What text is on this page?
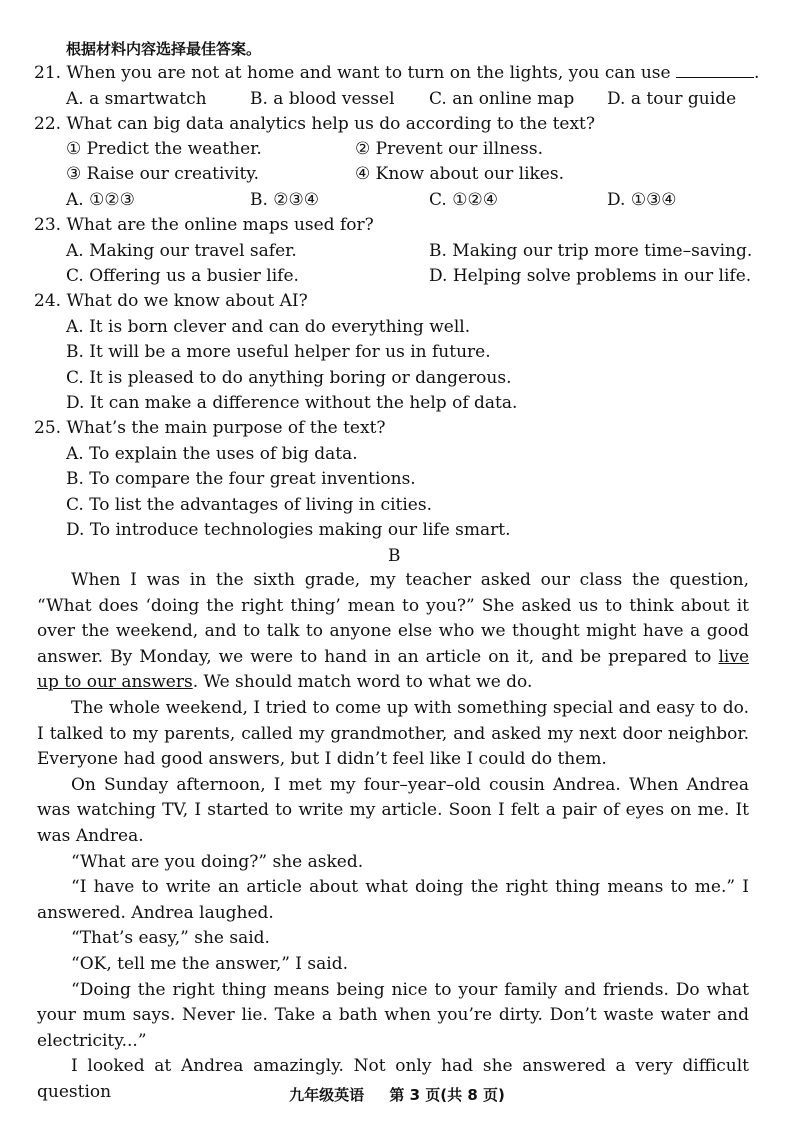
根据材料内容选择最佳答案。
21. When you are not at home and want to turn on the lights, you can use	.
A. a smartwatch	B. a blood vessel C. an online map D. a tour guide
22. What can big data analytics help us do according to the text?
① Predict the weather.	② Prevent our illness.
③ Raise our creativity.	④ Know about our likes.
A. ①②③	B. ②③④	C. ①②④	D. ①③④
23. What are the online maps used for?
A. Making our travel safer.	B. Making our trip more time–saving.
C. Offering us a busier life.	D. Helping solve problems in our life.
24. What do we know about AI?
A. It is born clever and can do everything well.
B. It will be a more useful helper for us in future.
C. It is pleased to do anything boring or dangerous.
D. It can make a difference without the help of data.
25. What’s the main purpose of the text?
A. To explain the uses of big data.
B. To compare the four great inventions.
C. To list the advantages of living in cities.
D. To introduce technologies making our life smart.
B

When I was in the sixth grade, my teacher asked our class the question, “What does ‘doing the right thing’ mean to you?” She asked us to think about it over the weekend, and to talk to anyone else who we thought might have a good answer. By Monday, we were to hand in an article on it, and be prepared to live up to our answers. We should match word to what we do.

The whole weekend, I tried to come up with something special and easy to do. I talked to my parents, called my grandmother, and asked my next door neighbor. Everyone had good answers, but I didn’t feel like I could do them.

On Sunday afternoon, I met my four–year–old cousin Andrea. When Andrea was watching TV, I started to write my article. Soon I felt a pair of eyes on me. It was Andrea.

“What are you doing?” she asked.

“I have to write an article about what doing the right thing means to me.” I answered. Andrea laughed.

“That’s easy,” she said.

“OK, tell me the answer,” I said.

“Doing the right thing means being nice to your family and friends. Do what your mum says. Never lie. Take a bath when you’re dirty. Don’t waste water and electricity...”

I looked at Andrea amazingly. Not only had she answered a very difficult question	九年级英语 第 3 页(共 8 页)
